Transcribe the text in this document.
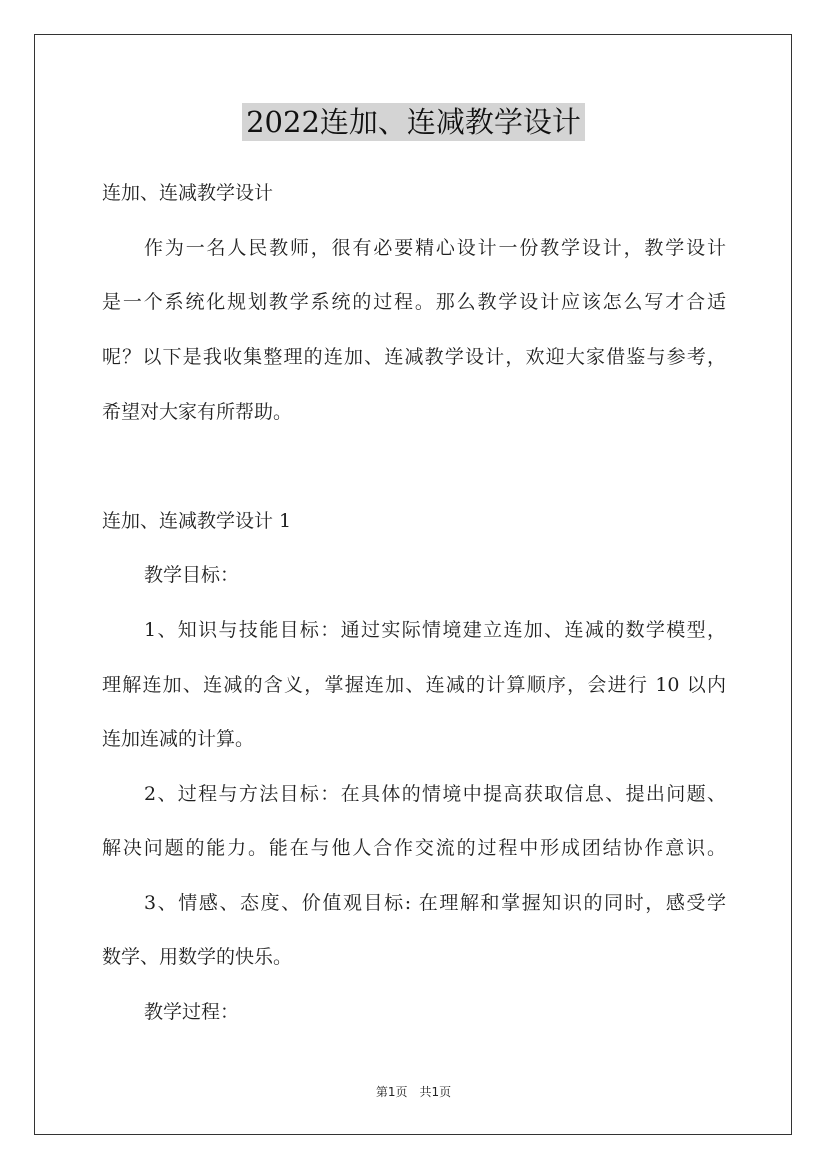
2022连加、连减教学设计
连加、连减教学设计
作为一名人民教师，很有必要精心设计一份教学设计，教学设计
是一个系统化规划教学系统的过程。那么教学设计应该怎么写才合适
呢？以下是我收集整理的连加、连减教学设计，欢迎大家借鉴与参考，
希望对大家有所帮助。
连加、连减教学设计 1
教学目标：
1、知识与技能目标：通过实际情境建立连加、连减的数学模型，
理解连加、连减的含义，掌握连加、连减的计算顺序，会进行 10 以内
连加连减的计算。
2、过程与方法目标：在具体的情境中提高获取信息、提出问题、
解决问题的能力。能在与他人合作交流的过程中形成团结协作意识。
3、情感、态度、价值观目标: 在理解和掌握知识的同时，感受学
数学、用数学的快乐。
教学过程：
第1页 共1页
